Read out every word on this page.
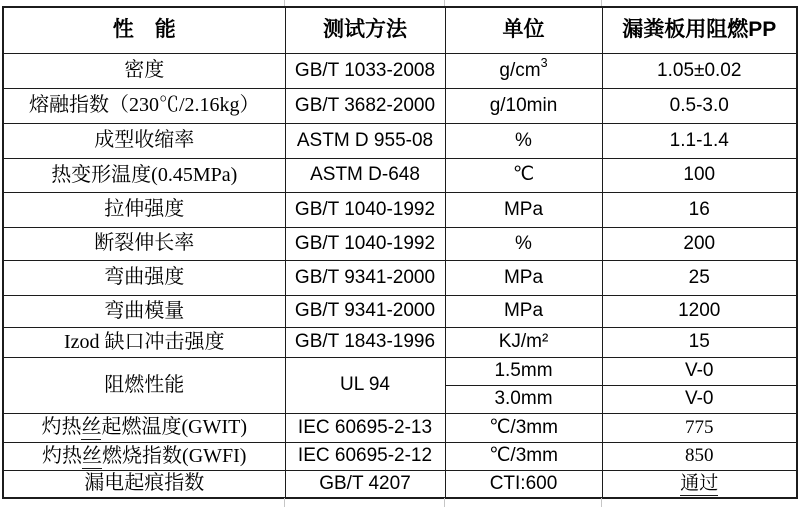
性　能	测试方法	单位	漏粪板用阻燃PP
密度	GB/T 1033-2008	$g/cm^3$	1.05±0.02
熔融指数（230℃/2.16kg）	GB/T 3682-2000	g/10min	0.5-3.0
成型收缩率	ASTM D 955-08	%	1.1-1.4
热变形温度(0.45MPa)	ASTM D-648	℃	100
拉伸强度	GB/T 1040-1992	MPa	16
断裂伸长率	GB/T 1040-1992	%	200
弯曲强度	GB/T 9341-2000	MPa	25
弯曲模量	GB/T 9341-2000	MPa	1200
Izod 缺口冲击强度	GB/T 1843-1996	KJ/m²	15
阻燃性能	UL 94	1.5mm	V-0
		3.0mm	V-0
灼热丝起燃温度(GWIT)	IEC 60695-2-13	℃/3mm	775
灼热丝燃烧指数(GWFI)	IEC 60695-2-12	℃/3mm	850
漏电起痕指数	GB/T 4207	CTI:600	通过
